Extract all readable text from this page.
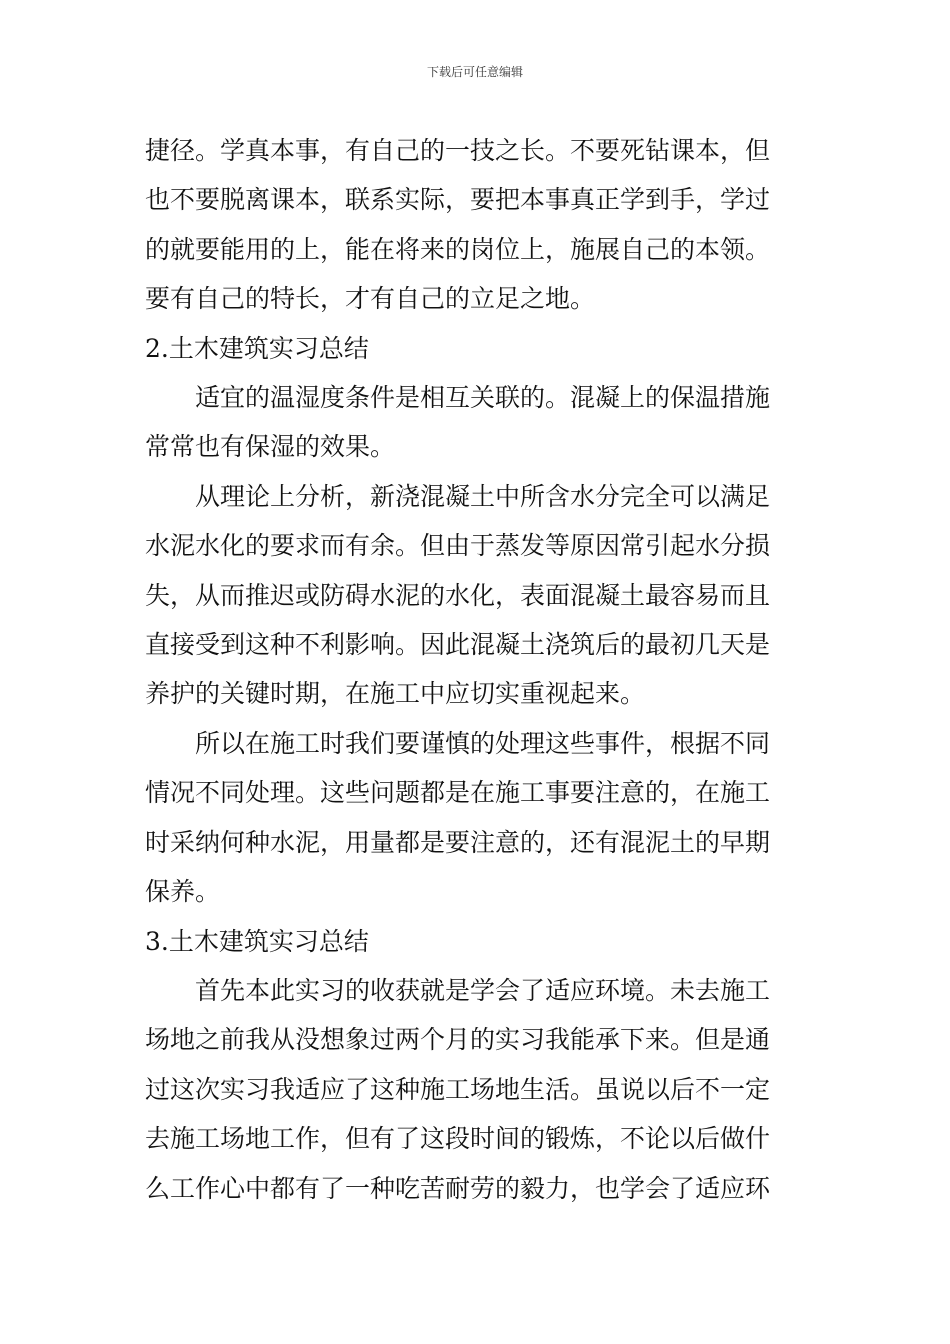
下载后可任意编辑

捷径。学真本事，有自己的一技之长。不要死钻课本，但
也不要脱离课本，联系实际，要把本事真正学到手，学过
的就要能用的上，能在将来的岗位上，施展自己的本领。
要有自己的特长，才有自己的立足之地。

2.土木建筑实习总结

适宜的温湿度条件是相互关联的。混凝上的保温措施
常常也有保湿的效果。

从理论上分析，新浇混凝土中所含水分完全可以满足
水泥水化的要求而有余。但由于蒸发等原因常引起水分损
失，从而推迟或防碍水泥的水化，表面混凝土最容易而且
直接受到这种不利影响。因此混凝土浇筑后的最初几天是
养护的关键时期，在施工中应切实重视起来。

所以在施工时我们要谨慎的处理这些事件，根据不同
情况不同处理。这些问题都是在施工事要注意的，在施工
时采纳何种水泥，用量都是要注意的，还有混泥土的早期
保养。

3.土木建筑实习总结

首先本此实习的收获就是学会了适应环境。未去施工
场地之前我从没想象过两个月的实习我能承下来。但是通
过这次实习我适应了这种施工场地生活。虽说以后不一定
去施工场地工作，但有了这段时间的锻炼，不论以后做什
么工作心中都有了一种吃苦耐劳的毅力，也学会了适应环
